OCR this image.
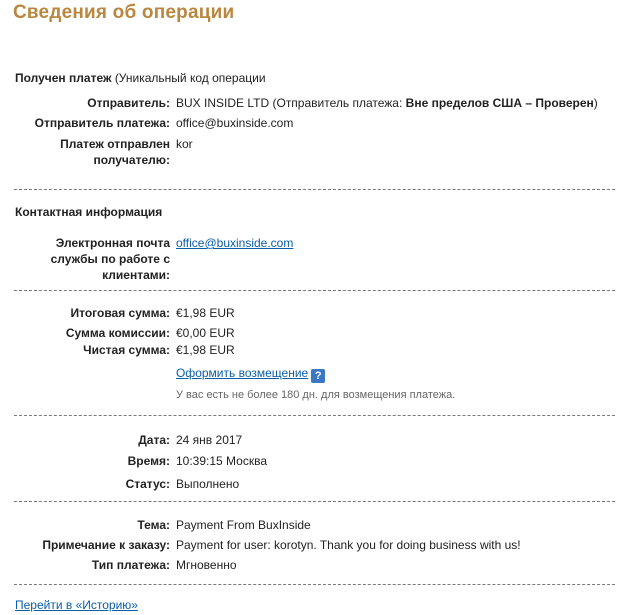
Сведения об операции
Получен платеж (Уникальный код операции
Отправитель: BUX INSIDE LTD (Отправитель платежа: Вне пределов США – Проверен)
Отправитель платежа: office@buxinside.com
Платеж отправлен получателю:
kor
Контактная информация
Электронная почта службы по работе с клиентами:
office@buxinside.com
Итоговая сумма: €1,98 EUR
Сумма комиссии: €0,00 EUR
Чистая сумма: €1,98 EUR
Оформить возмещение ?
У вас есть не более 180 дн. для возмещения платежа.
Дата: 24 янв 2017
Время: 10:39:15 Москва
Статус: Выполнено
Тема: Payment From BuxInside
Примечание к заказу: Payment for user: korotyn. Thank you for doing business with us!
Тип платежа: Мгновенно
Перейти в «Историю»
